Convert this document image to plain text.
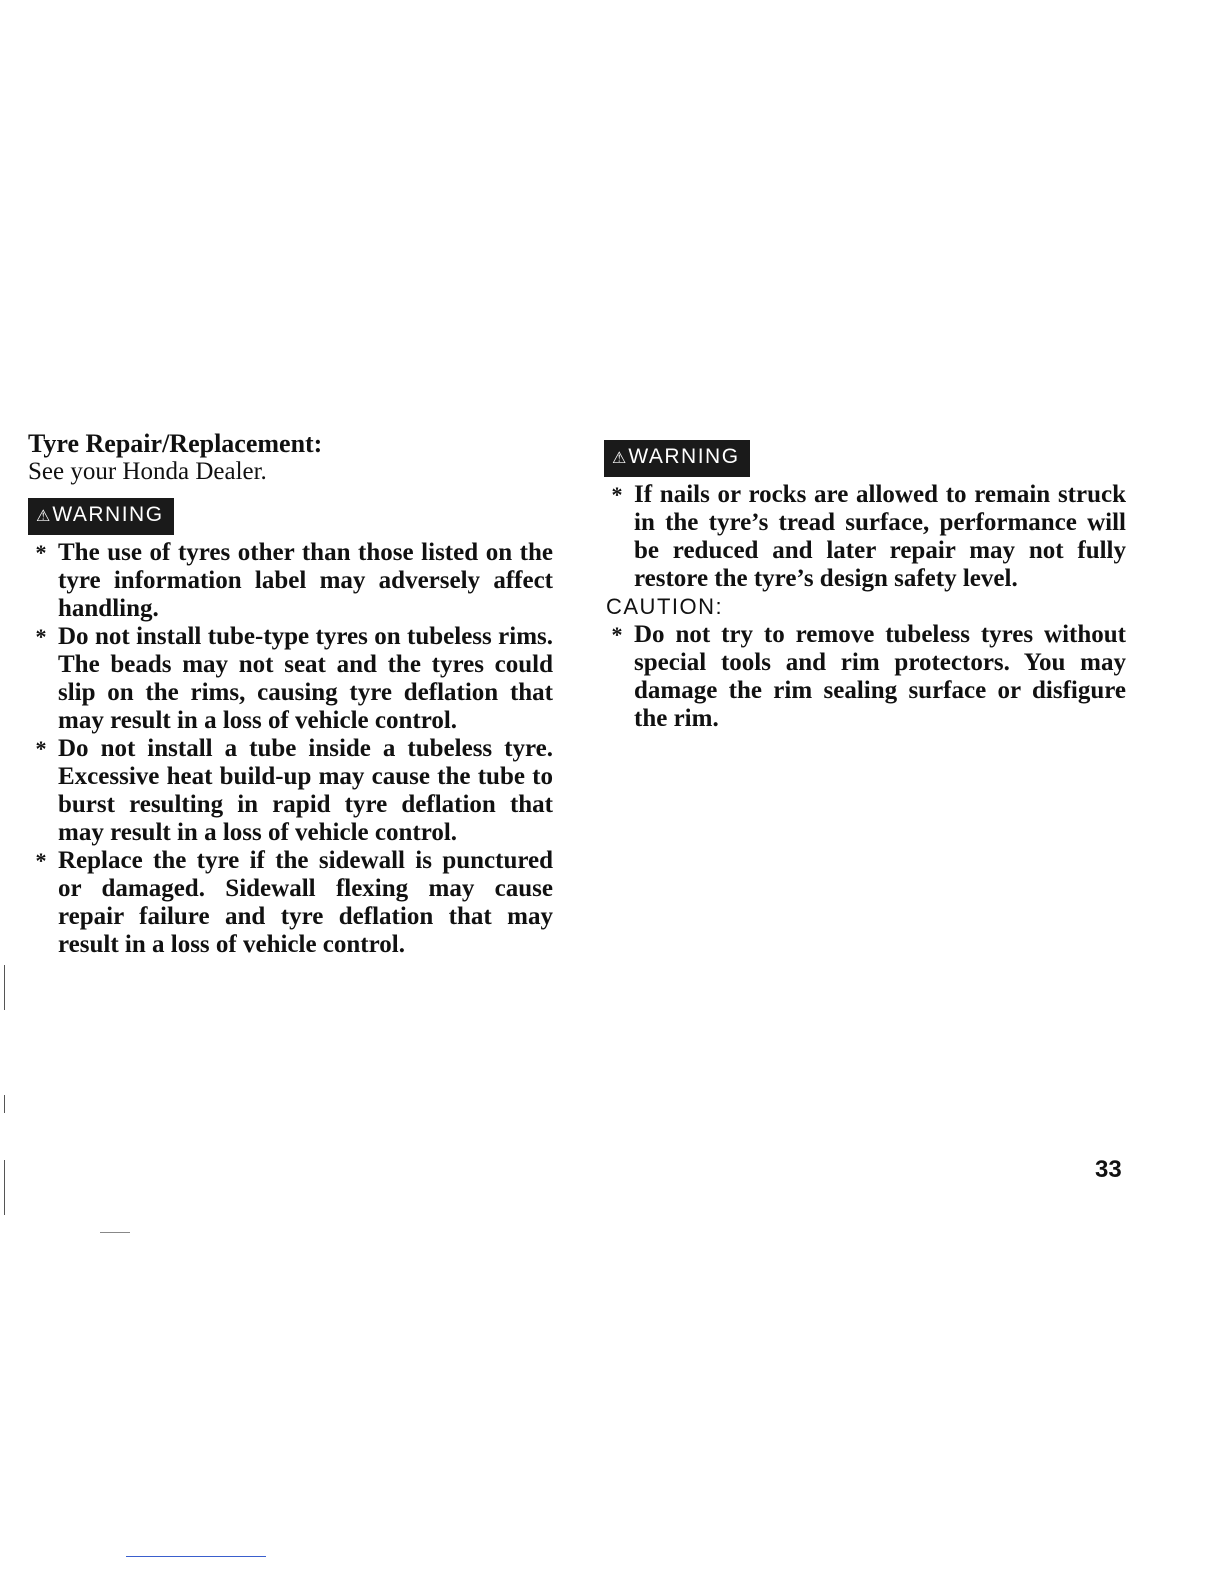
Tyre Repair/Replacement:
See your Honda Dealer.
⚠WARNING
* The use of tyres other than those listed on the tyre information label may adversely affect handling.
* Do not install tube-type tyres on tubeless rims. The beads may not seat and the tyres could slip on the rims, causing tyre deflation that may result in a loss of vehicle control.
* Do not install a tube inside a tubeless tyre. Excessive heat build-up may cause the tube to burst resulting in rapid tyre deflation that may result in a loss of vehicle control.
* Replace the tyre if the sidewall is punctured or damaged. Sidewall flexing may cause repair failure and tyre deflation that may result in a loss of vehicle control.
⚠WARNING
* If nails or rocks are allowed to remain struck in the tyre’s tread surface, performance will be reduced and later repair may not fully restore the tyre’s design safety level.
CAUTION:
* Do not try to remove tubeless tyres without special tools and rim protectors. You may damage the rim sealing surface or disfigure the rim.
33
